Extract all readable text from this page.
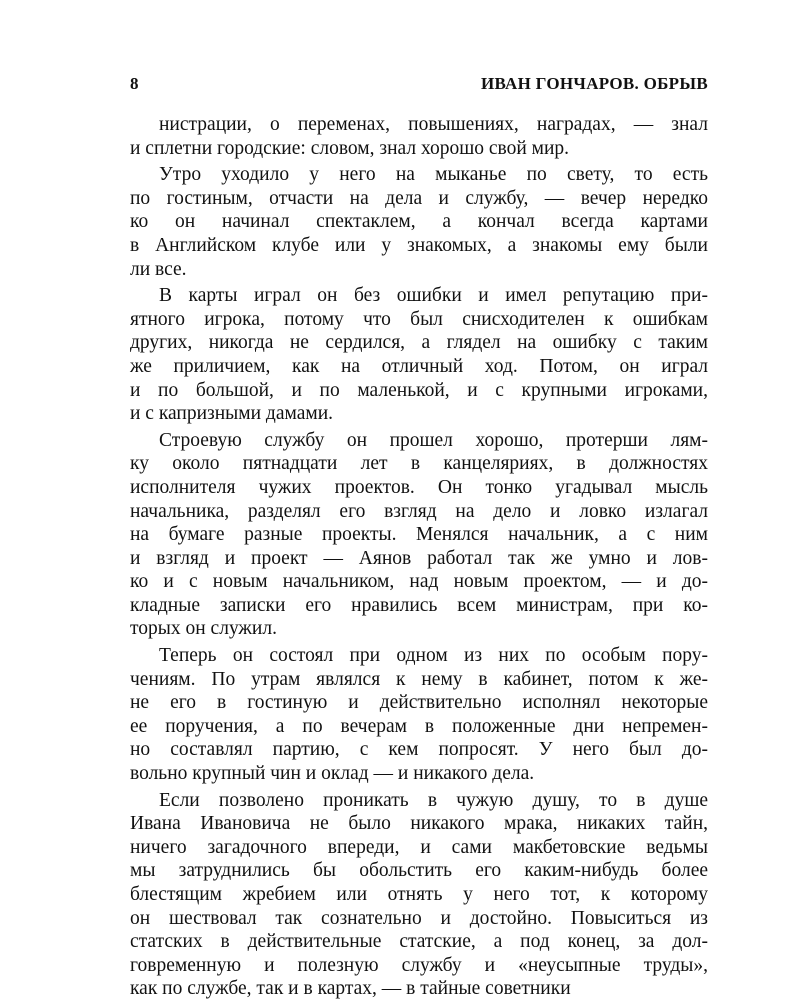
8	ИВАН ГОНЧАРОВ. ОБРЫВ
нистрации, о переменах, повышениях, наградах, — знал
и сплетни городские: словом, знал хорошо свой мир.
Утро уходило у него на мыканье по свету, то есть
по гостиным, отчасти на дела и службу, — вечер нередко
ко он начинал спектаклем, а кончал всегда картами
в Английском клубе или у знакомых, а знакомы ему были
ли все.
В карты играл он без ошибки и имел репутацию при-
ятного игрока, потому что был снисходителен к ошибкам
других, никогда не сердился, а глядел на ошибку с таким
же приличием, как на отличный ход. Потом, он играл
и по большой, и по маленькой, и с крупными игроками,
и с капризными дамами.
Строевую службу он прошел хорошо, протерши лям-
ку около пятнадцати лет в канцеляриях, в должностях
исполнителя чужих проектов. Он тонко угадывал мысль
начальника, разделял его взгляд на дело и ловко излагал
на бумаге разные проекты. Менялся начальник, а с ним
и взгляд и проект — Аянов работал так же умно и лов-
ко и с новым начальником, над новым проектом, — и до-
кладные записки его нравились всем министрам, при ко-
торых он служил.
Теперь он состоял при одном из них по особым пору-
чениям. По утрам являлся к нему в кабинет, потом к же-
не его в гостиную и действительно исполнял некоторые
ее поручения, а по вечерам в положенные дни непремен-
но составлял партию, с кем попросят. У него был до-
вольно крупный чин и оклад — и никакого дела.
Если позволено проникать в чужую душу, то в душе
Ивана Ивановича не было никакого мрака, никаких тайн,
ничего загадочного впереди, и сами макбетовские ведьмы
мы затруднились бы обольстить его каким-нибудь более
блестящим жребием или отнять у него тот, к которому
он шествовал так сознательно и достойно. Повыситься из
статских в действительные статские, а под конец, за дол-
говременную и полезную службу и «неусыпные труды»,
как по службе, так и в картах, — в тайные советники
